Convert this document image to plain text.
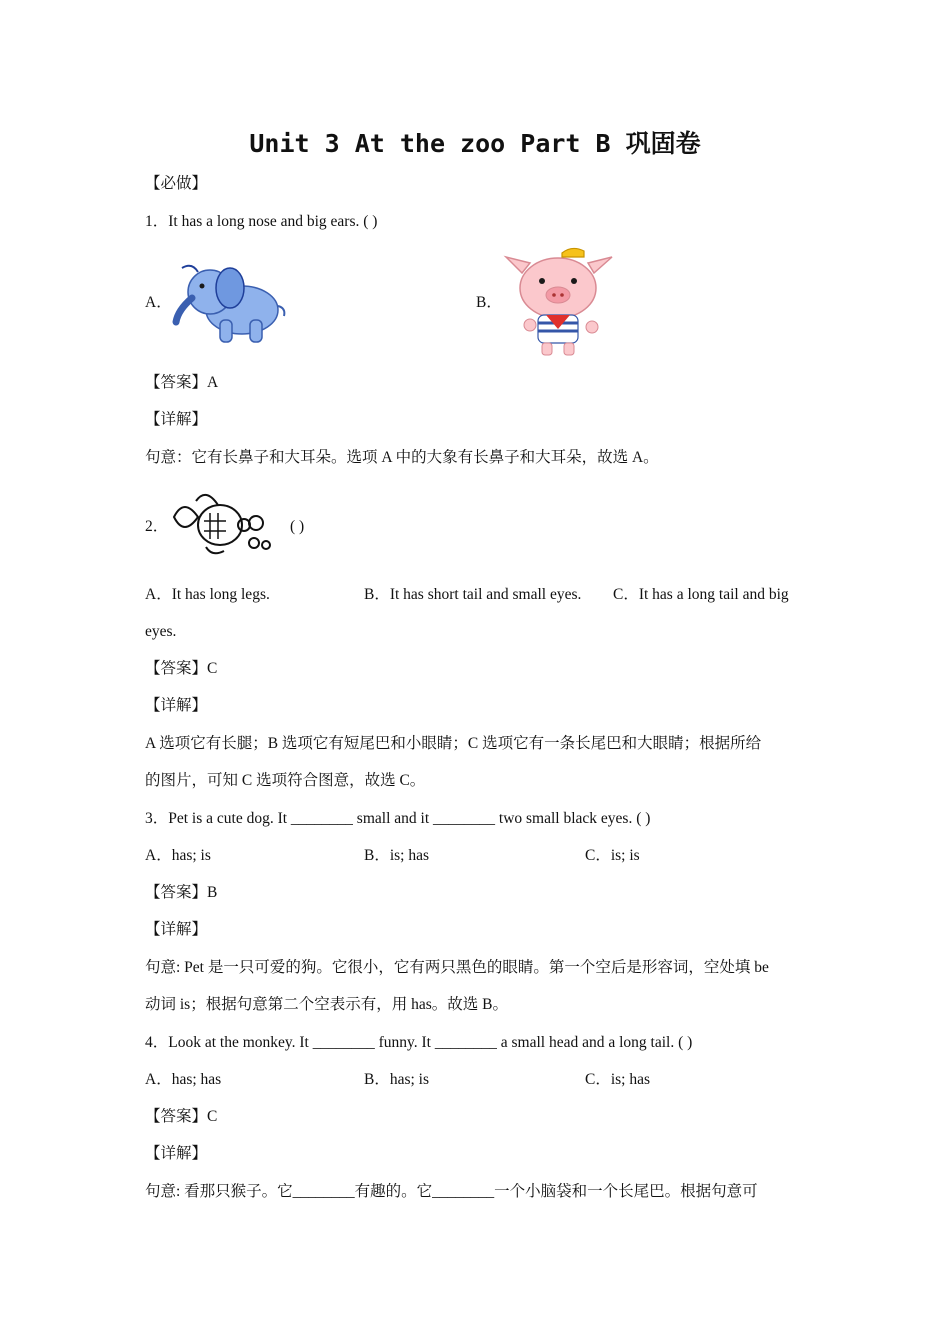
Unit 3 At the zoo Part B 巩固卷
【必做】
1．It has a long nose and big ears. ( )
A．	B．
【答案】A
【详解】
句意：它有长鼻子和大耳朵。选项 A 中的大象有长鼻子和大耳朵，故选 A。
2．	( )
A．It has long legs.	B．It has short tail and small eyes. C．It has a long tail and big
eyes.
【答案】C
【详解】
A 选项它有长腿；B 选项它有短尾巴和小眼睛；C 选项它有一条长尾巴和大眼睛；根据所给
的图片，可知 C 选项符合图意，故选 C。
3．Pet is a cute dog. It ________ small and it ________ two small black eyes. ( )
A．has; is	B．is; has	C．is; is
【答案】B
【详解】
句意: Pet 是一只可爱的狗。它很小，它有两只黑色的眼睛。第一个空后是形容词，空处填 be
动词 is；根据句意第二个空表示有，用 has。故选 B。
4．Look at the monkey. It ________ funny. It ________ a small head and a long tail. ( )
A．has; has	B．has; is	C．is; has
【答案】C
【详解】
句意: 看那只猴子。它________有趣的。它________一个小脑袋和一个长尾巴。根据句意可
